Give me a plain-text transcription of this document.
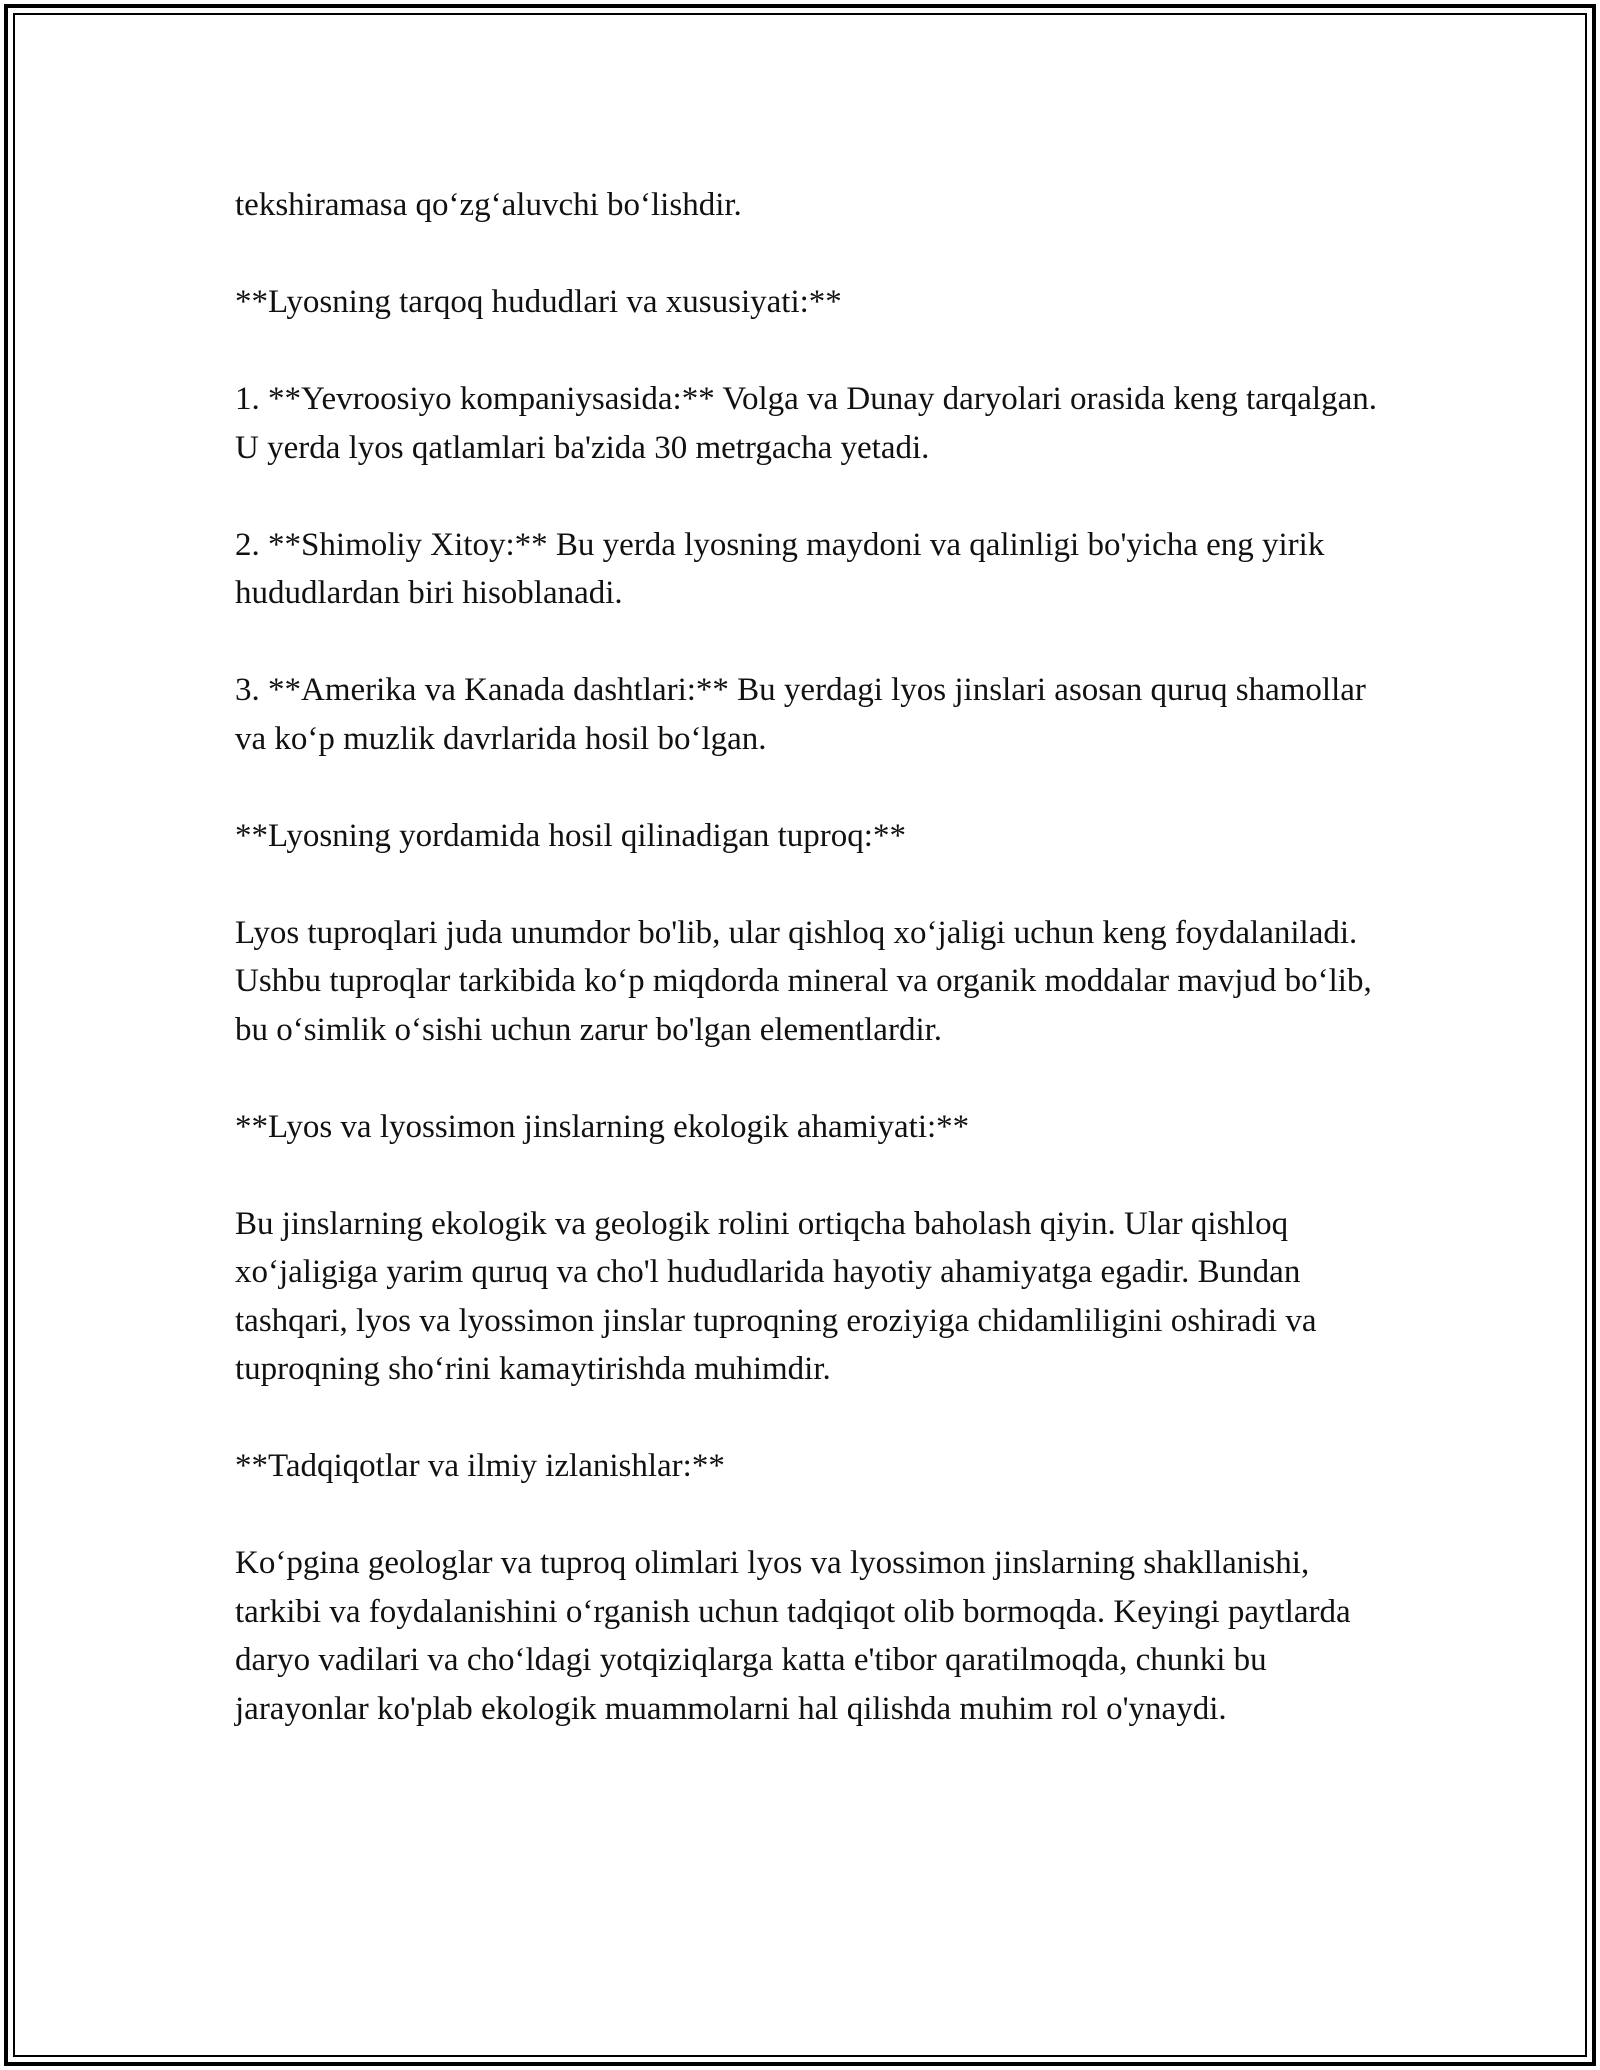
tekshiramasa qo‘zg‘aluvchi bo‘lishdir.

**Lyosning tarqoq hududlari va xususiyati:**

1. **Yevroosiyo kompaniysasida:** Volga va Dunay daryolari orasida keng tarqalgan. U yerda lyos qatlamlari ba'zida 30 metrgacha yetadi.

2. **Shimoliy Xitoy:** Bu yerda lyosning maydoni va qalinligi bo'yicha eng yirik hududlardan biri hisoblanadi.

3. **Amerika va Kanada dashtlari:** Bu yerdagi lyos jinslari asosan quruq shamollar va ko‘p muzlik davrlarida hosil bo‘lgan.

**Lyosning yordamida hosil qilinadigan tuproq:**

Lyos tuproqlari juda unumdor bo'lib, ular qishloq xo‘jaligi uchun keng foydalaniladi. Ushbu tuproqlar tarkibida ko‘p miqdorda mineral va organik moddalar mavjud bo‘lib, bu o‘simlik o‘sishi uchun zarur bo'lgan elementlardir.

**Lyos va lyossimon jinslarning ekologik ahamiyati:**

Bu jinslarning ekologik va geologik rolini ortiqcha baholash qiyin. Ular qishloq xo‘jaligiga yarim quruq va cho'l hududlarida hayotiy ahamiyatga egadir. Bundan tashqari, lyos va lyossimon jinslar tuproqning eroziyiga chidamliligini oshiradi va tuproqning sho‘rini kamaytirishda muhimdir.

**Tadqiqotlar va ilmiy izlanishlar:**

Ko‘pgina geologlar va tuproq olimlari lyos va lyossimon jinslarning shakllanishi, tarkibi va foydalanishini o‘rganish uchun tadqiqot olib bormoqda. Keyingi paytlarda daryo vadilari va cho‘ldagi yotqiziqlarga katta e'tibor qaratilmoqda, chunki bu jarayonlar ko'plab ekologik muammolarni hal qilishda muhim rol o'ynaydi.
